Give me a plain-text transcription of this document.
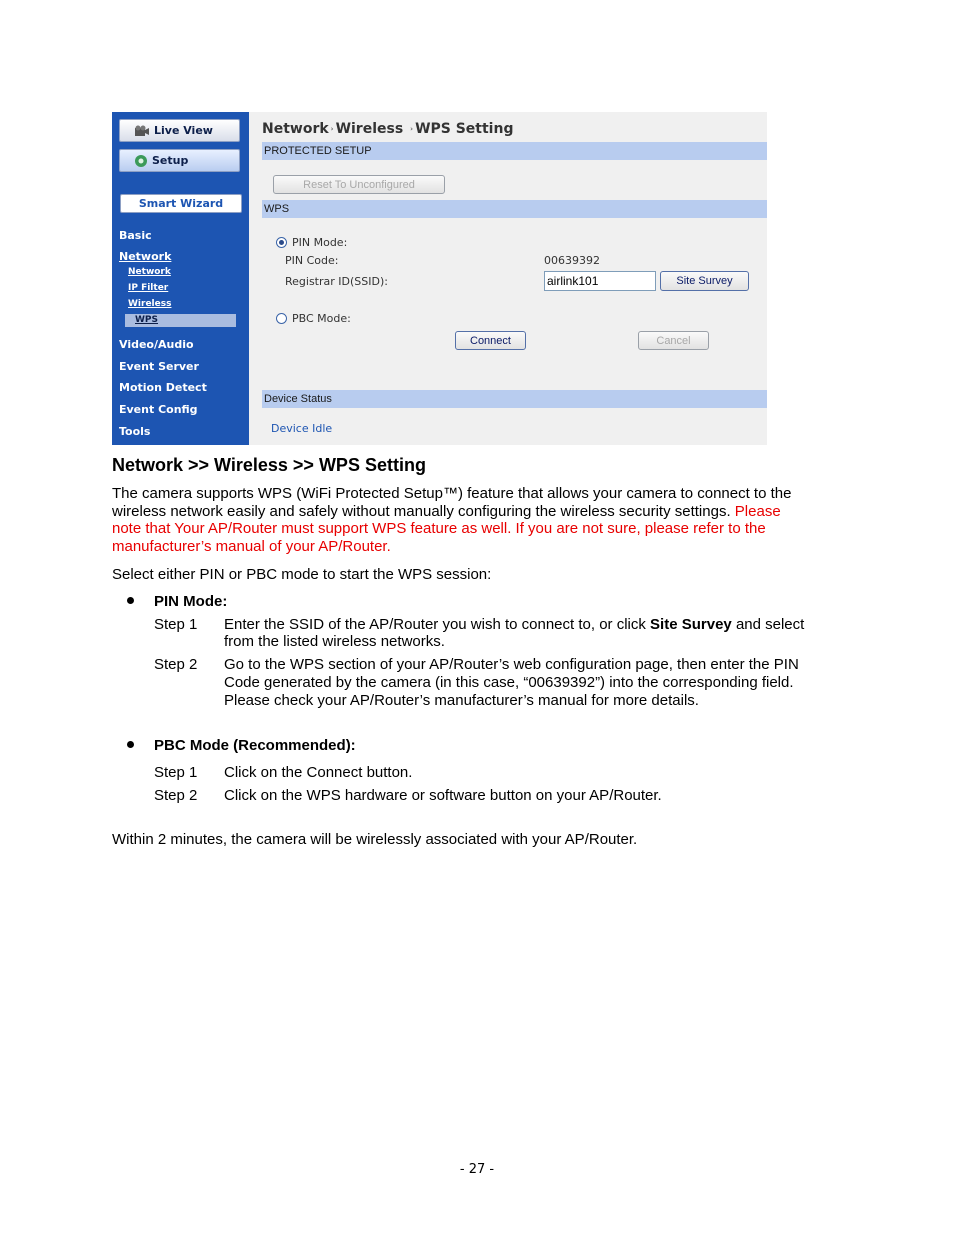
Live View
Setup
Smart Wizard
Basic
Network
Network
IP Filter
Wireless
WPS
Video/Audio
Event Server
Motion Detect
Event Config
Tools
Network › Wireless › WPS Setting
PROTECTED SETUP
Reset To Unconfigured
WPS
PIN Mode:
PIN Code:	00639392
Registrar ID(SSID):
airlink101	Site Survey
PBC Mode:
Connect	Cancel
Device Status
Device Idle
Network >> Wireless >> WPS Setting
The camera supports WPS (WiFi Protected Setup™) feature that allows your camera to connect to the
wireless network easily and safely without manually configuring the wireless security settings. Please
note that Your AP/Router must support WPS feature as well. If you are not sure, please refer to the
manufacturer’s manual of your AP/Router.
Select either PIN or PBC mode to start the WPS session:
PIN Mode:
Step 1 Enter the SSID of the AP/Router you wish to connect to, or click Site Survey and select
from the listed wireless networks.
Step 2 Go to the WPS section of your AP/Router’s web configuration page, then enter the PIN
Code generated by the camera (in this case, “00639392”) into the corresponding field.
Please check your AP/Router’s manufacturer’s manual for more details.
PBC Mode (Recommended):
Step 1 Click on the Connect button.
Step 2 Click on the WPS hardware or software button on your AP/Router.
Within 2 minutes, the camera will be wirelessly associated with your AP/Router.
- 27 -
